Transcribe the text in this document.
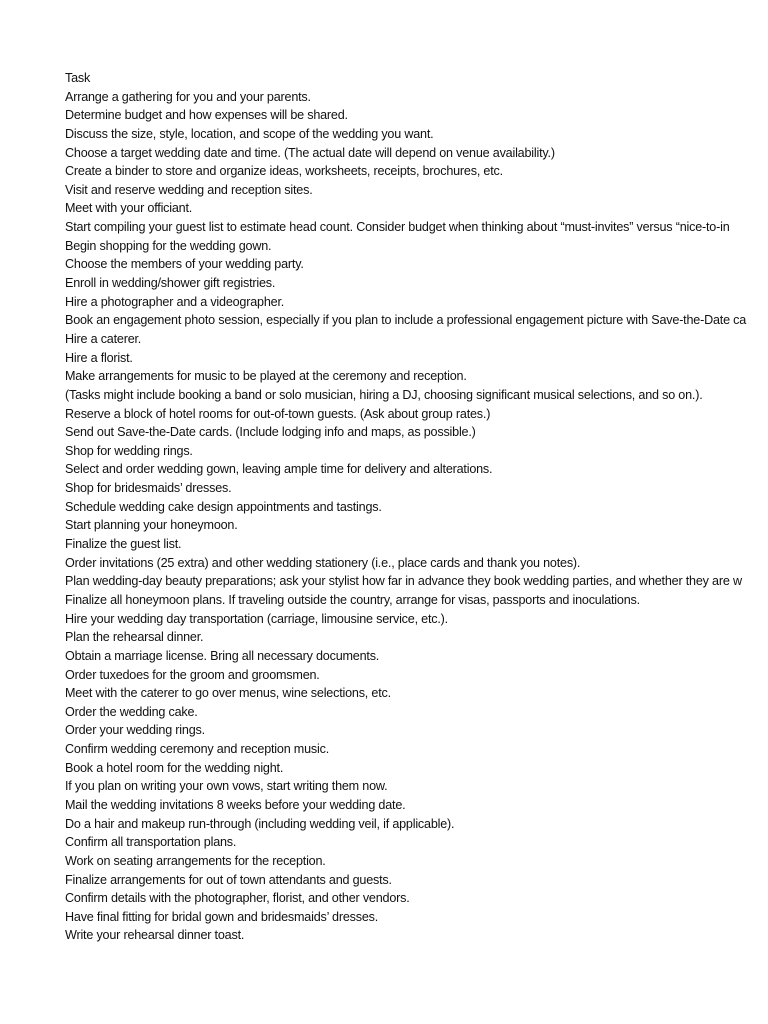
Task
Arrange a gathering for you and your parents.
Determine budget and how expenses will be shared.
Discuss the size, style, location, and scope of the wedding you want.
Choose a target wedding date and time. (The actual date will depend on venue availability.)
Create a binder to store and organize ideas, worksheets, receipts, brochures, etc.
Visit and reserve wedding and reception sites.
Meet with your officiant.
Start compiling your guest list to estimate head count. Consider budget when thinking about “must-invites” versus “nice-to-in
Begin shopping for the wedding gown.
Choose the members of your wedding party.
Enroll in wedding/shower gift registries.
Hire a photographer and a videographer.
Book an engagement photo session, especially if you plan to include a professional engagement picture with Save-the-Date ca
Hire a caterer.
Hire a florist.
Make arrangements for music to be played at the ceremony and reception.
(Tasks might include booking a band or solo musician, hiring a DJ, choosing significant musical selections, and so on.).
Reserve a block of hotel rooms for out-of-town guests. (Ask about group rates.)
Send out Save-the-Date cards. (Include lodging info and maps, as possible.)
Shop for wedding rings.
Select and order wedding gown, leaving ample time for delivery and alterations.
Shop for bridesmaids’ dresses.
Schedule wedding cake design appointments and tastings.
Start planning your honeymoon.
Finalize the guest list.
Order invitations (25 extra) and other wedding stationery (i.e., place cards and thank you notes).
Plan wedding-day beauty preparations; ask your stylist how far in advance they book wedding parties, and whether they are w
Finalize all honeymoon plans. If traveling outside the country, arrange for visas, passports and inoculations.
Hire your wedding day transportation (carriage, limousine service, etc.).
Plan the rehearsal dinner.
Obtain a marriage license. Bring all necessary documents.
Order tuxedoes for the groom and groomsmen.
Meet with the caterer to go over menus, wine selections, etc.
Order the wedding cake.
Order your wedding rings.
Confirm wedding ceremony and reception music.
Book a hotel room for the wedding night.
If you plan on writing your own vows, start writing them now.
Mail the wedding invitations 8 weeks before your wedding date.
Do a hair and makeup run-through (including wedding veil, if applicable).
Confirm all transportation plans.
Work on seating arrangements for the reception.
Finalize arrangements for out of town attendants and guests.
Confirm details with the photographer, florist, and other vendors.
Have final fitting for bridal gown and bridesmaids’ dresses.
Write your rehearsal dinner toast.
